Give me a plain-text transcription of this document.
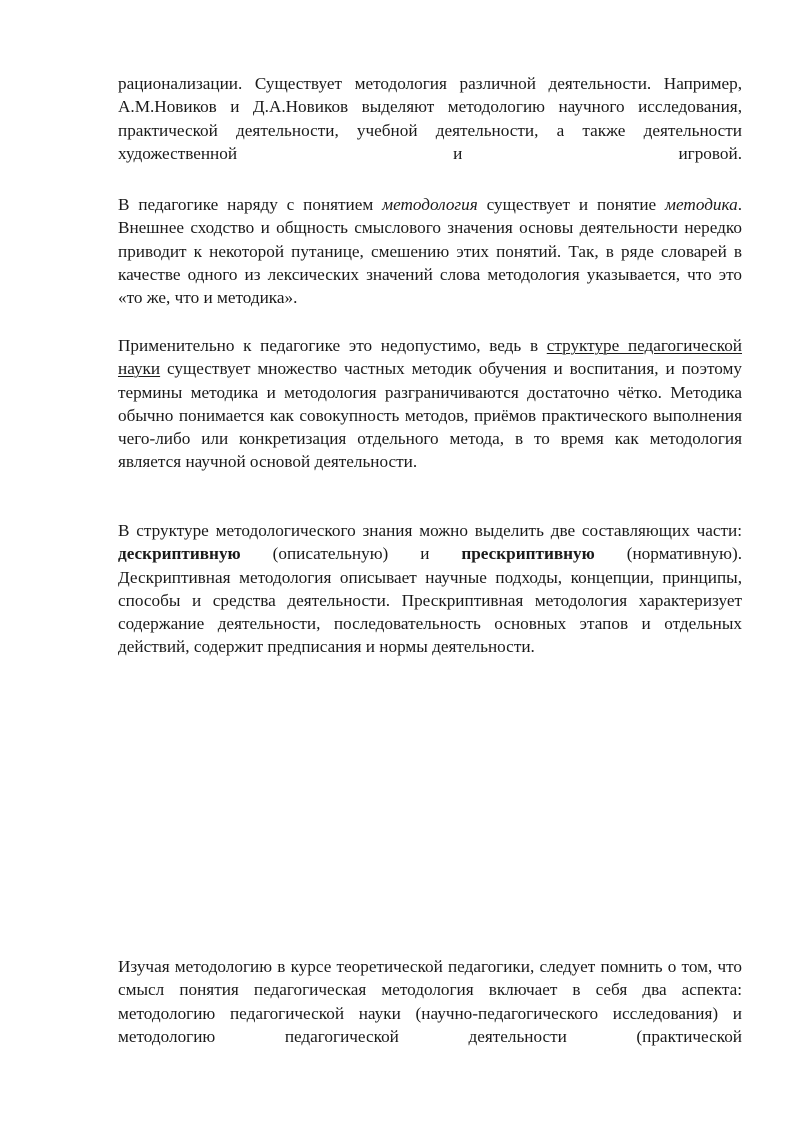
рационализации. Существует методология различной деятельности. Например, А.М.Новиков и Д.А.Новиков выделяют методологию научного исследования, практической деятельности, учебной деятельности, а также деятельности художественной и игровой.

В педагогике наряду с понятием методология существует и понятие методика. Внешнее сходство и общность смыслового значения основы деятельности нередко приводит к некоторой путанице, смешению этих понятий. Так, в ряде словарей в качестве одного из лексических значений слова методология указывается, что это «то же, что и методика».

Применительно к педагогике это недопустимо, ведь в структуре педагогической науки существует множество частных методик обучения и воспитания, и поэтому термины методика и методология разграничиваются достаточно чётко. Методика обычно понимается как совокупность методов, приёмов практического выполнения чего-либо или конкретизация отдельного метода, в то время как методология является научной основой деятельности.

В структуре методологического знания можно выделить две составляющих части: дескриптивную (описательную) и прескриптивную (нормативную). Дескриптивная методология описывает научные подходы, концепции, принципы, способы и средства деятельности. Прескриптивная методология характеризует содержание деятельности, последовательность основных этапов и отдельных действий, содержит предписания и нормы деятельности.

Изучая методологию в курсе теоретической педагогики, следует помнить о том, что смысл понятия педагогическая методология включает в себя два аспекта: методологию педагогической науки (научно-педагогического исследования) и методологию педагогической деятельности (практической
